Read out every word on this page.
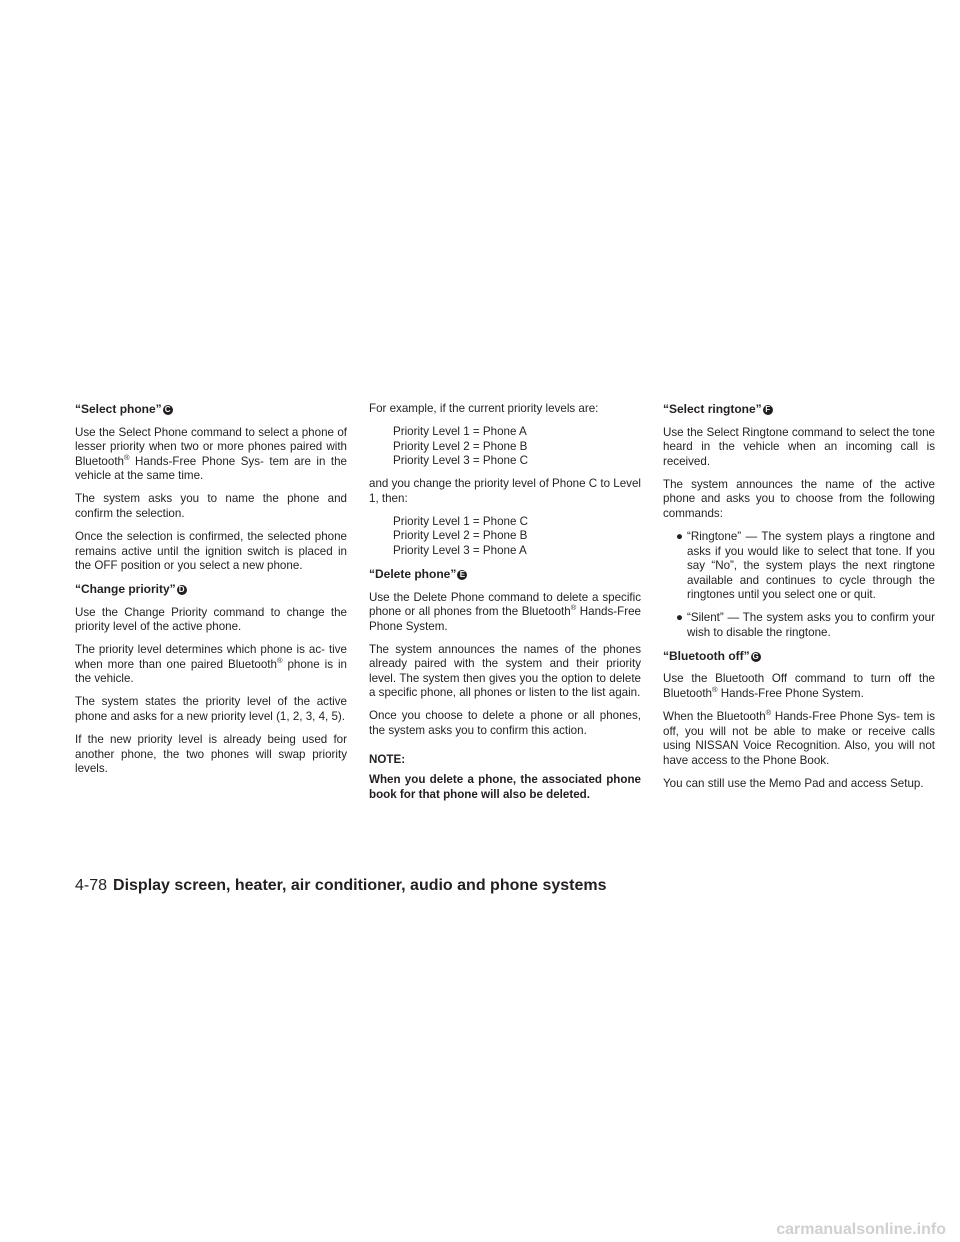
“Select phone” C

Use the Select Phone command to select a phone of lesser priority when two or more phones paired with Bluetooth® Hands-Free Phone Sys- tem are in the vehicle at the same time.

The system asks you to name the phone and confirm the selection.

Once the selection is confirmed, the selected phone remains active until the ignition switch is placed in the OFF position or you select a new phone.

“Change priority” D

Use the Change Priority command to change the priority level of the active phone.

The priority level determines which phone is ac- tive when more than one paired Bluetooth® phone is in the vehicle.

The system states the priority level of the active phone and asks for a new priority level (1, 2, 3, 4, 5).

If the new priority level is already being used for another phone, the two phones will swap priority levels.

For example, if the current priority levels are:

Priority Level 1 = Phone A
Priority Level 2 = Phone B
Priority Level 3 = Phone C

and you change the priority level of Phone C to Level 1, then:

Priority Level 1 = Phone C
Priority Level 2 = Phone B
Priority Level 3 = Phone A

“Delete phone” E

Use the Delete Phone command to delete a specific phone or all phones from the Bluetooth® Hands-Free Phone System.

The system announces the names of the phones already paired with the system and their priority level. The system then gives you the option to delete a specific phone, all phones or listen to the list again.

Once you choose to delete a phone or all phones, the system asks you to confirm this action.

NOTE:

When you delete a phone, the associated phone book for that phone will also be deleted.

“Select ringtone” F

Use the Select Ringtone command to select the tone heard in the vehicle when an incoming call is received.

The system announces the name of the active phone and asks you to choose from the following commands:

● “Ringtone” — The system plays a ringtone and asks if you would like to select that tone. If you say “No”, the system plays the next ringtone available and continues to cycle through the ringtones until you select one or quit.
● “Silent” — The system asks you to confirm your wish to disable the ringtone.
“Bluetooth off” G

Use the Bluetooth Off command to turn off the Bluetooth® Hands-Free Phone System.

When the Bluetooth® Hands-Free Phone Sys- tem is off, you will not be able to make or receive calls using NISSAN Voice Recognition. Also, you will not have access to the Phone Book.

You can still use the Memo Pad and access Setup.

4-78 Display screen, heater, air conditioner, audio and phone systems
carmanualsonline.info
